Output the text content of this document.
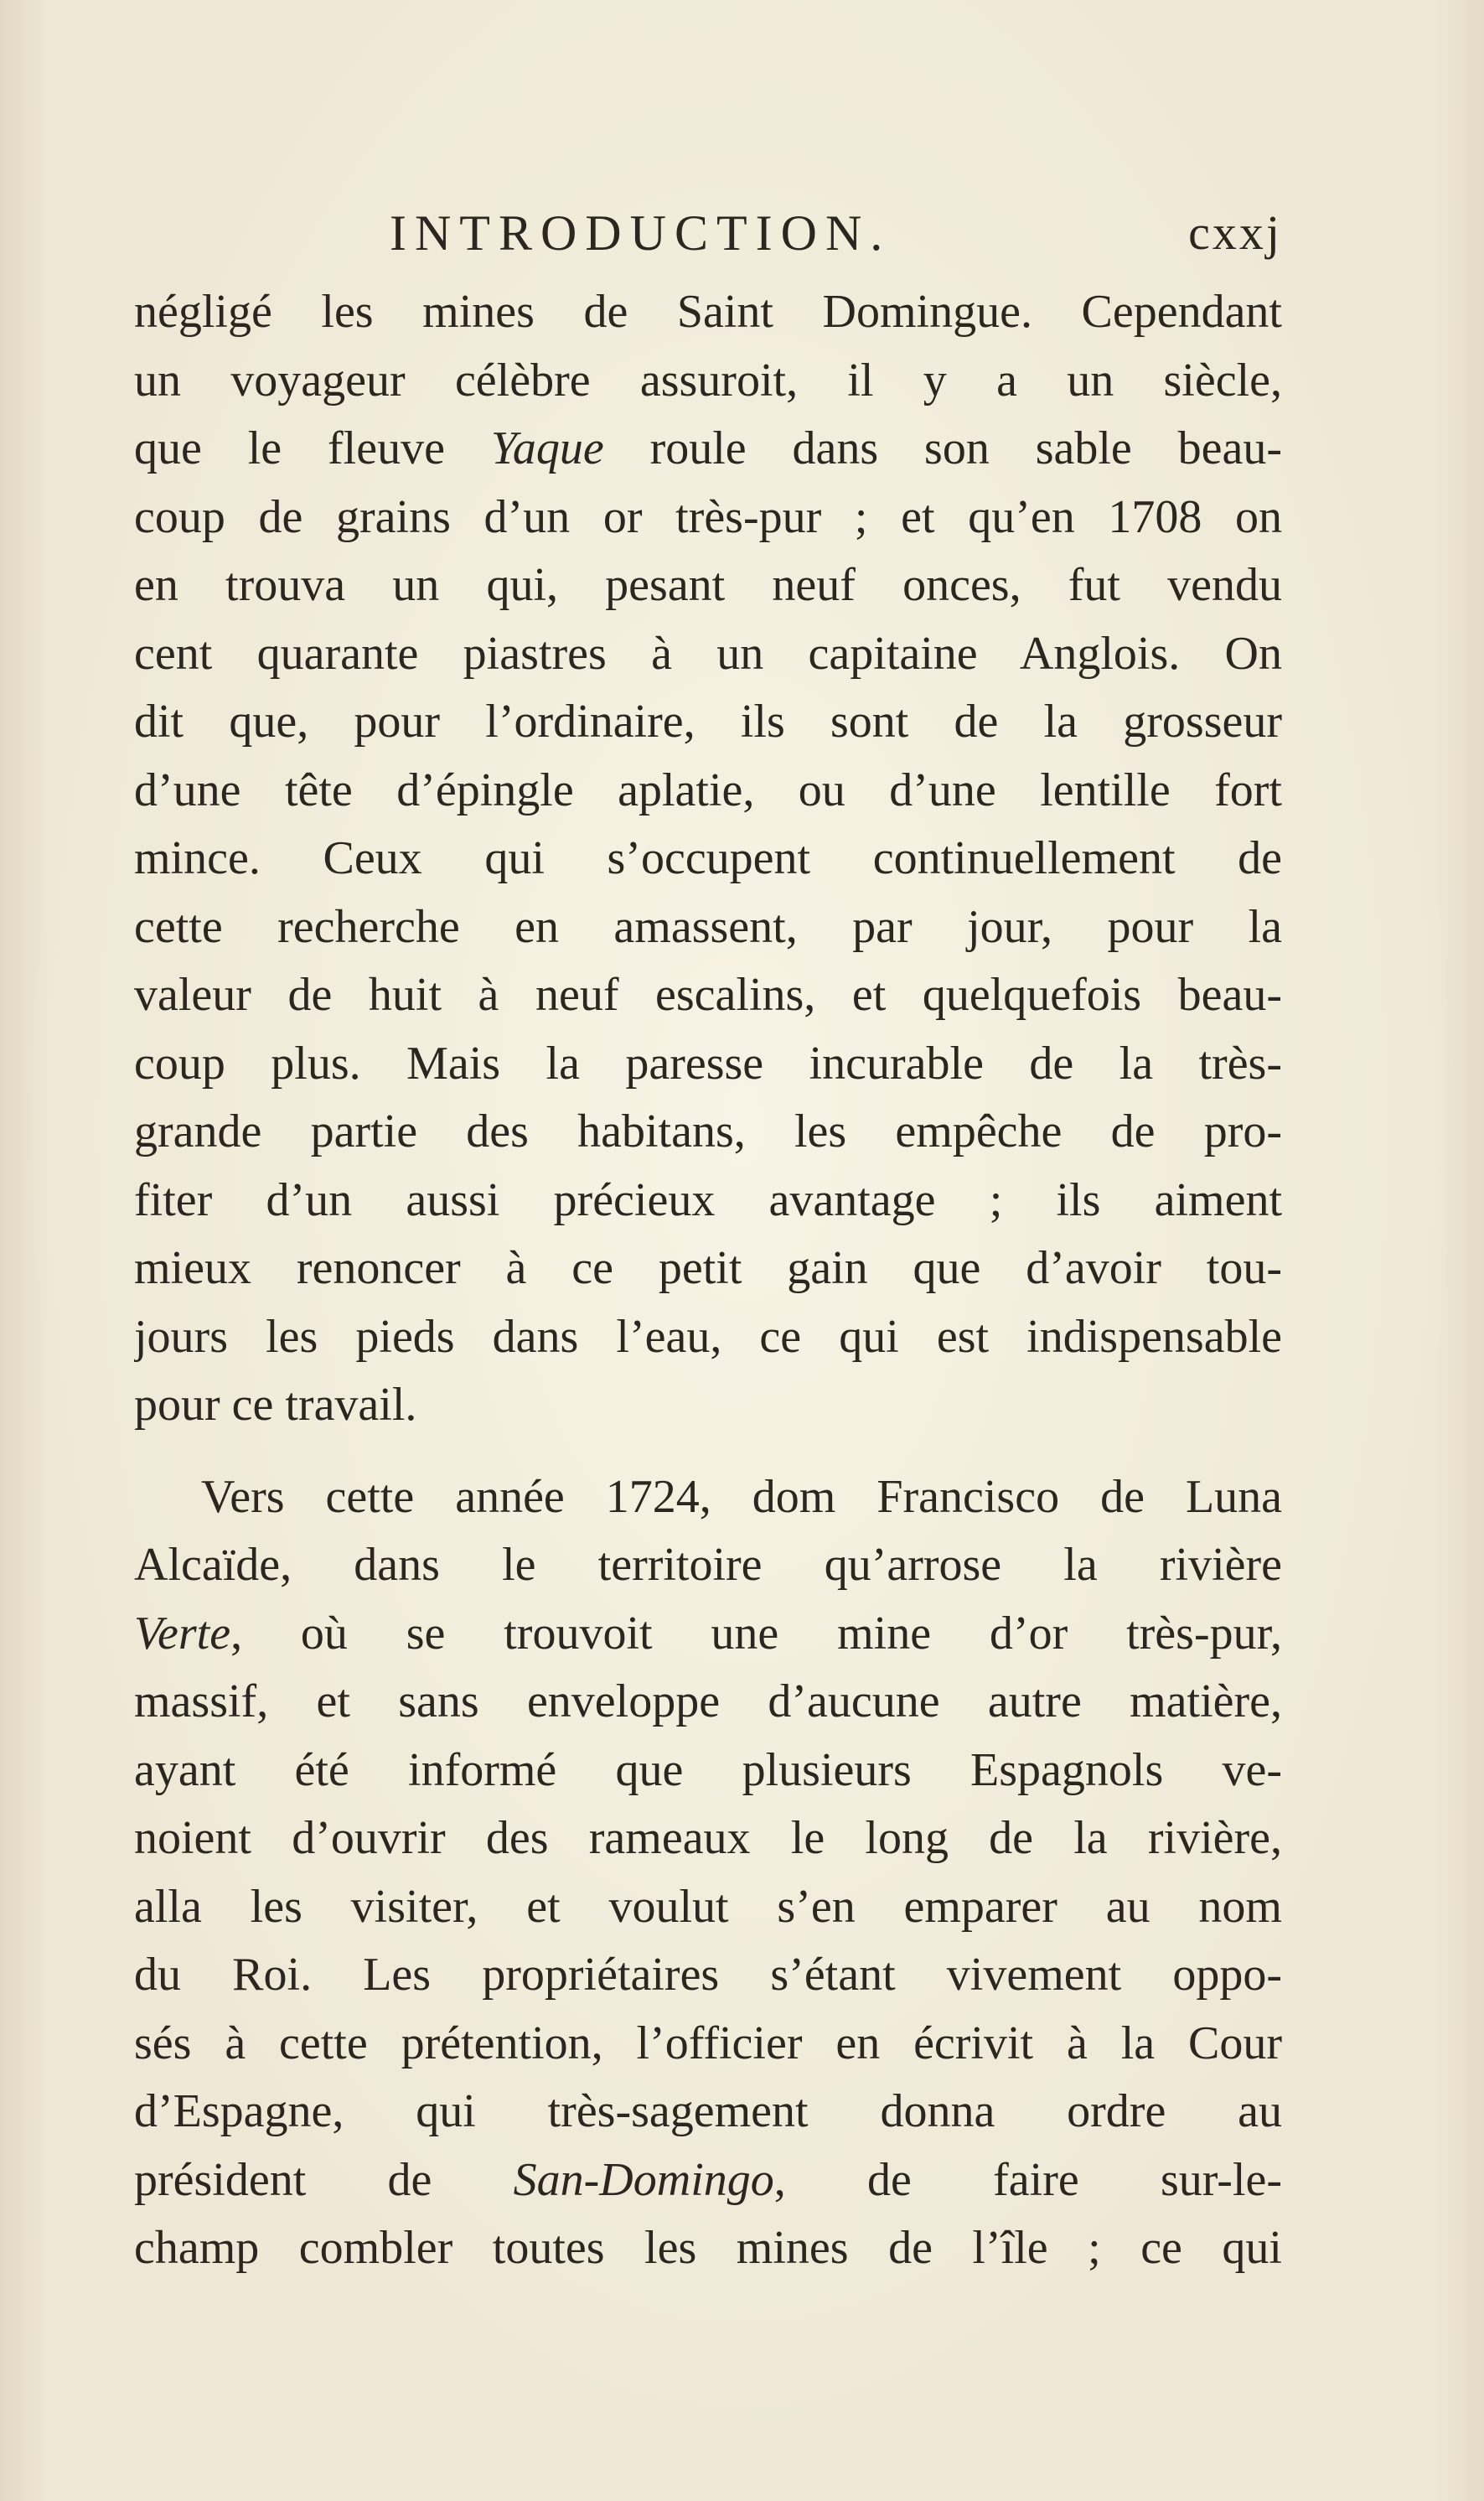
INTRODUCTION.	cxxj
négligé les mines de Saint Domingue. Cependant
un voyageur célèbre assuroit, il y a un siècle,
que le fleuve Yaque roule dans son sable beau-
coup de grains d’un or très-pur ; et qu’en 1708 on
en trouva un qui, pesant neuf onces, fut vendu
cent quarante piastres à un capitaine Anglois. On
dit que, pour l’ordinaire, ils sont de la grosseur
d’une tête d’épingle aplatie, ou d’une lentille fort
mince. Ceux qui s’occupent continuellement de
cette recherche en amassent, par jour, pour la
valeur de huit à neuf escalins, et quelquefois beau-
coup plus. Mais la paresse incurable de la très-
grande partie des habitans, les empêche de pro-
fiter d’un aussi précieux avantage ; ils aiment
mieux renoncer à ce petit gain que d’avoir tou-
jours les pieds dans l’eau, ce qui est indispensable
pour ce travail.
Vers cette année 1724, dom Francisco de Luna
Alcaïde, dans le territoire qu’arrose la rivière
Verte, où se trouvoit une mine d’or très-pur,
massif, et sans enveloppe d’aucune autre matière,
ayant été informé que plusieurs Espagnols ve-
noient d’ouvrir des rameaux le long de la rivière,
alla les visiter, et voulut s’en emparer au nom
du Roi. Les propriétaires s’étant vivement oppo-
sés à cette prétention, l’officier en écrivit à la Cour
d’Espagne, qui très-sagement donna ordre au
président de San-Domingo, de faire sur-le-
champ combler toutes les mines de l’île ; ce qui
